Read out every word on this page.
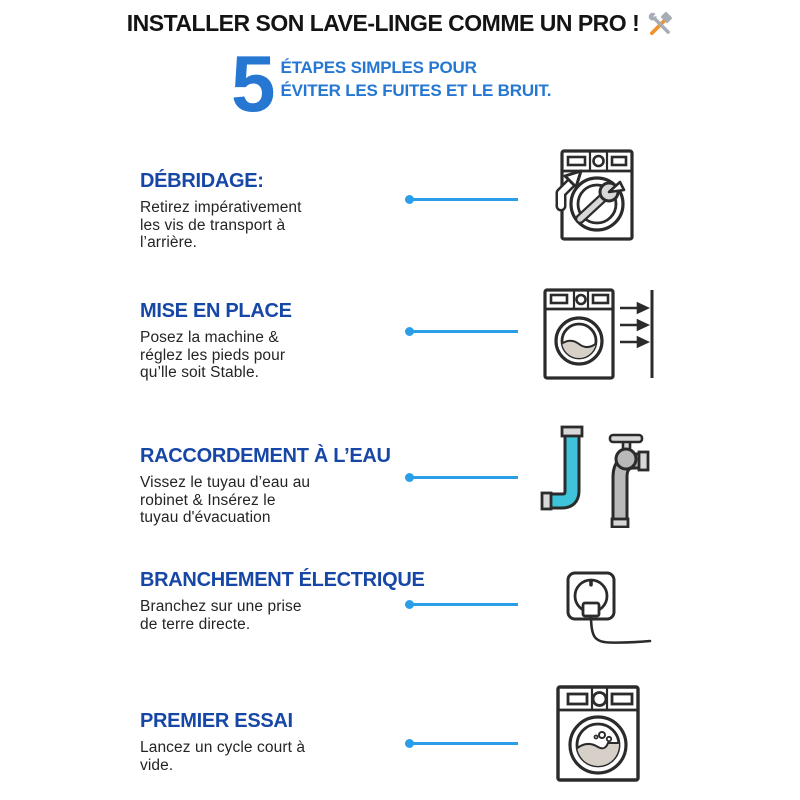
INSTALLER SON LAVE-LINGE COMME UN PRO !
5 ÉTAPES SIMPLES POUR
ÉVITER LES FUITES ET LE BRUIT.
DÉBRIDAGE:
Retirez impérativement
les vis de transport à
l’arrière.
MISE EN PLACE
Posez la machine &
réglez les pieds pour
qu’lle soit Stable.
RACCORDEMENT À L’EAU
Vissez le tuyau d’eau au
robinet & Insérez le
tuyau d'évacuation
BRANCHEMENT ÉLECTRIQUE
Branchez sur une prise
de terre directe.
PREMIER ESSAI
Lancez un cycle court à
vide.
